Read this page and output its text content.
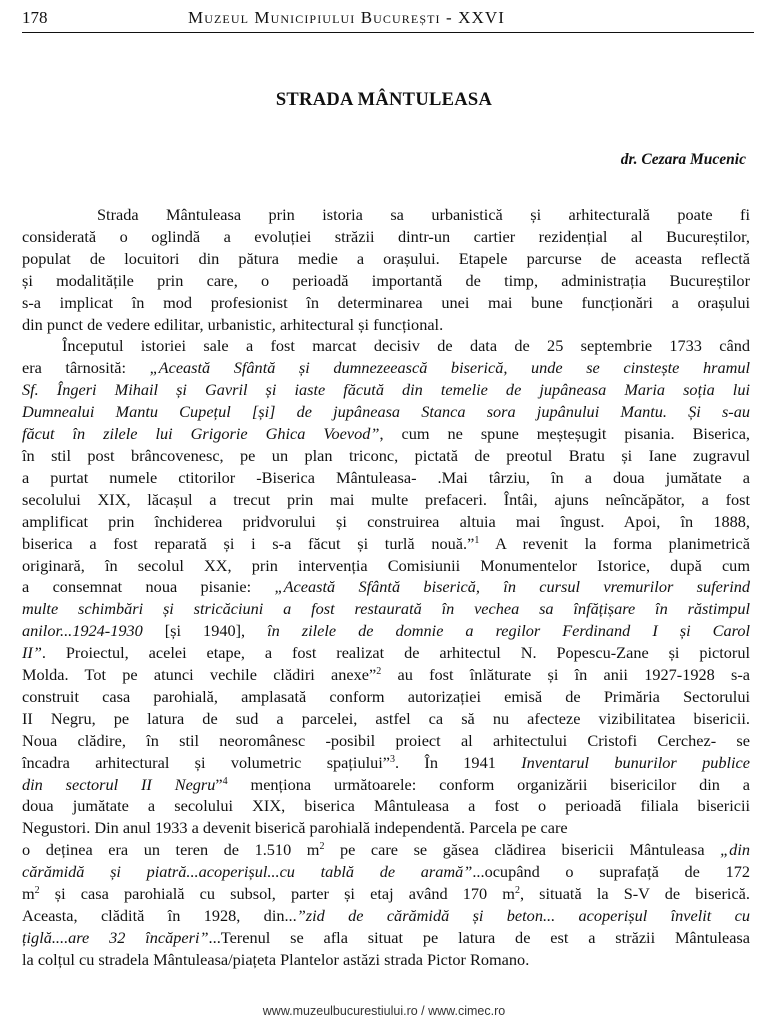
178	Muzeul Municipiului București - XXVI
STRADA MÂNTULEASA
dr. Cezara Mucenic
Strada Mântuleasa prin istoria sa urbanistică și arhitecturală poate fi
considerată o oglindă a evoluției străzii dintr-un cartier rezidențial al Bucureștilor,
populat de locuitori din pătura medie a orașului. Etapele parcurse de aceasta reflectă
și modalitățile prin care, o perioadă importantă de timp, administrația Bucureștilor
s-a implicat în mod profesionist în determinarea unei mai bune funcționări a orașului
din punct de vedere edilitar, urbanistic, arhitectural și funcțional.
Începutul istoriei sale a fost marcat decisiv de data de 25 septembrie 1733 când
era târnosită: „Această Sfântă și dumnezeească biserică, unde se cinstește hramul
Sf. Îngeri Mihail și Gavril și iaste făcută din temelie de jupâneasa Maria soția lui
Dumnealui Mantu Cupețul [și] de jupâneasa Stanca sora jupânului Mantu. Și s-au
făcut în zilele lui Grigorie Ghica Voevod”, cum ne spune meșteșugit pisania. Biserica,
în stil post brâncovenesc, pe un plan triconc, pictată de preotul Bratu și Iane zugravul
a purtat numele ctitorilor -Biserica Mântuleasa- .Mai târziu, în a doua jumătate a
secolului XIX, lăcașul a trecut prin mai multe prefaceri. Întâi, ajuns neîncăpător, a fost
amplificat prin închiderea pridvorului și construirea altuia mai îngust. Apoi, în 1888,
biserica a fost reparată și i s-a făcut și turlă nouă.”$^1$ A revenit la forma planimetrică
originară, în secolul XX, prin intervenția Comisiunii Monumentelor Istorice, după cum
a consemnat noua pisanie: „Această Sfântă biserică, în cursul vremurilor suferind
multe schimbări și stricăciuni a fost restaurată în vechea sa înfățișare în răstimpul
anilor...1924-1930 [și 1940], în zilele de domnie a regilor Ferdinand I și Carol
II”. Proiectul, acelei etape, a fost realizat de arhitectul N. Popescu-Zane și pictorul
Molda. Tot pe atunci vechile clădiri anexe”$^2$ au fost înlăturate și în anii 1927-1928 s-a
construit casa parohială, amplasată conform autorizației emisă de Primăria Sectorului
II Negru, pe latura de sud a parcelei, astfel ca să nu afecteze vizibilitatea bisericii.
Noua clădire, în stil neoromânesc -posibil proiect al arhitectului Cristofi Cerchez- se
încadra arhitectural și volumetric spațiului”$^3$. În 1941 Inventarul bunurilor publice
din sectorul II Negru”$^4$ menționa următoarele: conform organizării bisericilor din a
doua jumătate a secolului XIX, biserica Mântuleasa a fost o perioadă filiala bisericii
Negustori. Din anul 1933 a devenit biserică parohială independentă. Parcela pe care
o deținea era un teren de 1.510 $m^2$ pe care se găsea clădirea bisericii Mântuleasa „din
cărămidă și piatră...acoperișul...cu tablă de aramă”...ocupând o suprafață de 172
$m^2$ și casa parohială cu subsol, parter și etaj având 170 $m^2$, situată la S-V de biserică.
Aceasta, clădită în 1928, din...”zid de cărămidă și beton... acoperișul învelit cu
țiglă....are 32 încăperi”...Terenul se afla situat pe latura de est a străzii Mântuleasa
la colțul cu stradela Mântuleasa/piațeta Plantelor astăzi strada Pictor Romano.
www.muzeulbucurestiului.ro / www.cimec.ro
